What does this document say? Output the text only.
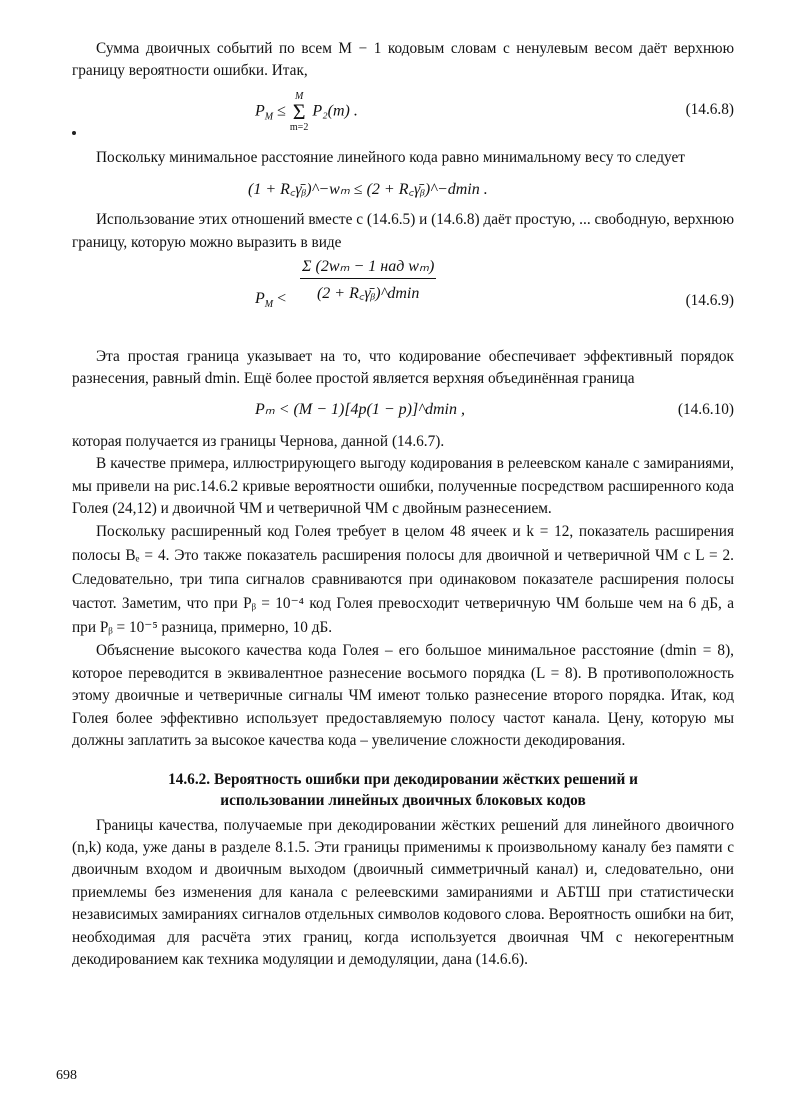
Сумма двоичных событий по всем M − 1 кодовым словам с ненулевым весом даёт верхнюю границу вероятности ошибки. Итак,

$P_M$ ≤
M
Σ
m=2
P₂(m) .	(14.6.8)

Поскольку минимальное расстояние линейного кода равно минимальному весу то следует

(1 + R꜀γ̄ᵦ)^−wₘ ≤ (2 + R꜀γ̄ᵦ)^−dmin .

Использование этих отношений вместе с (14.6.5) и (14.6.8) даёт простую, ... свободную, верхнюю границу, которую можно выразить в виде

$P_M < \frac{\text{Σ (2wₘ − 1 над wₘ)}}{\text{(2 + R꜀γ̄ᵦ)\textasciicircum{}dmin}}$	(14.6.9)

Эта простая граница указывает на то, что кодирование обеспечивает эффективный порядок разнесения, равный dmin. Ещё более простой является верхняя объединённая граница

Pₘ < (M − 1)[4p(1 − p)]^dmin ,	(14.6.10)

которая получается из границы Чернова, данной (14.6.7).

В качестве примера, иллюстрирующего выгоду кодирования в релеевском канале с замираниями, мы привели на рис.14.6.2 кривые вероятности ошибки, полученные посредством расширенного кода Голея (24,12) и двоичной ЧМ и четверичной ЧМ с двойным разнесением.

Поскольку расширенный код Голея требует в целом 48 ячеек и k = 12, показатель расширения полосы Bₑ = 4. Это также показатель расширения полосы для двоичной и четверичной ЧМ с L = 2. Следовательно, три типа сигналов сравниваются при одинаковом показателе расширения полосы частот. Заметим, что при Pᵦ = 10⁻⁴ код Голея превосходит четверичную ЧМ больше чем на 6 дБ, а при Pᵦ = 10⁻⁵ разница, примерно, 10 дБ.

Объяснение высокого качества кода Голея – его большое минимальное расстояние (dmin = 8), которое переводится в эквивалентное разнесение восьмого порядка (L = 8). В противоположность этому двоичные и четверичные сигналы ЧМ имеют только разнесение второго порядка. Итак, код Голея более эффективно использует предоставляемую полосу частот канала. Цену, которую мы должны заплатить за высокое качества кода – увеличение сложности декодирования.

14.6.2. Вероятность ошибки при декодировании жёстких решений и
использовании линейных двоичных блоковых кодов

Границы качества, получаемые при декодировании жёстких решений для линейного двоичного (n,k) кода, уже даны в разделе 8.1.5. Эти границы применимы к произвольному каналу без памяти с двоичным входом и двоичным выходом (двоичный симметричный канал) и, следовательно, они приемлемы без изменения для канала с релеевскими замираниями и АБТШ при статистически независимых замираниях сигналов отдельных символов кодового слова. Вероятность ошибки на бит, необходимая для расчёта этих границ, когда используется двоичная ЧМ с некогерентным декодированием как техника модуляции и демодуляции, дана (14.6.6).

698
